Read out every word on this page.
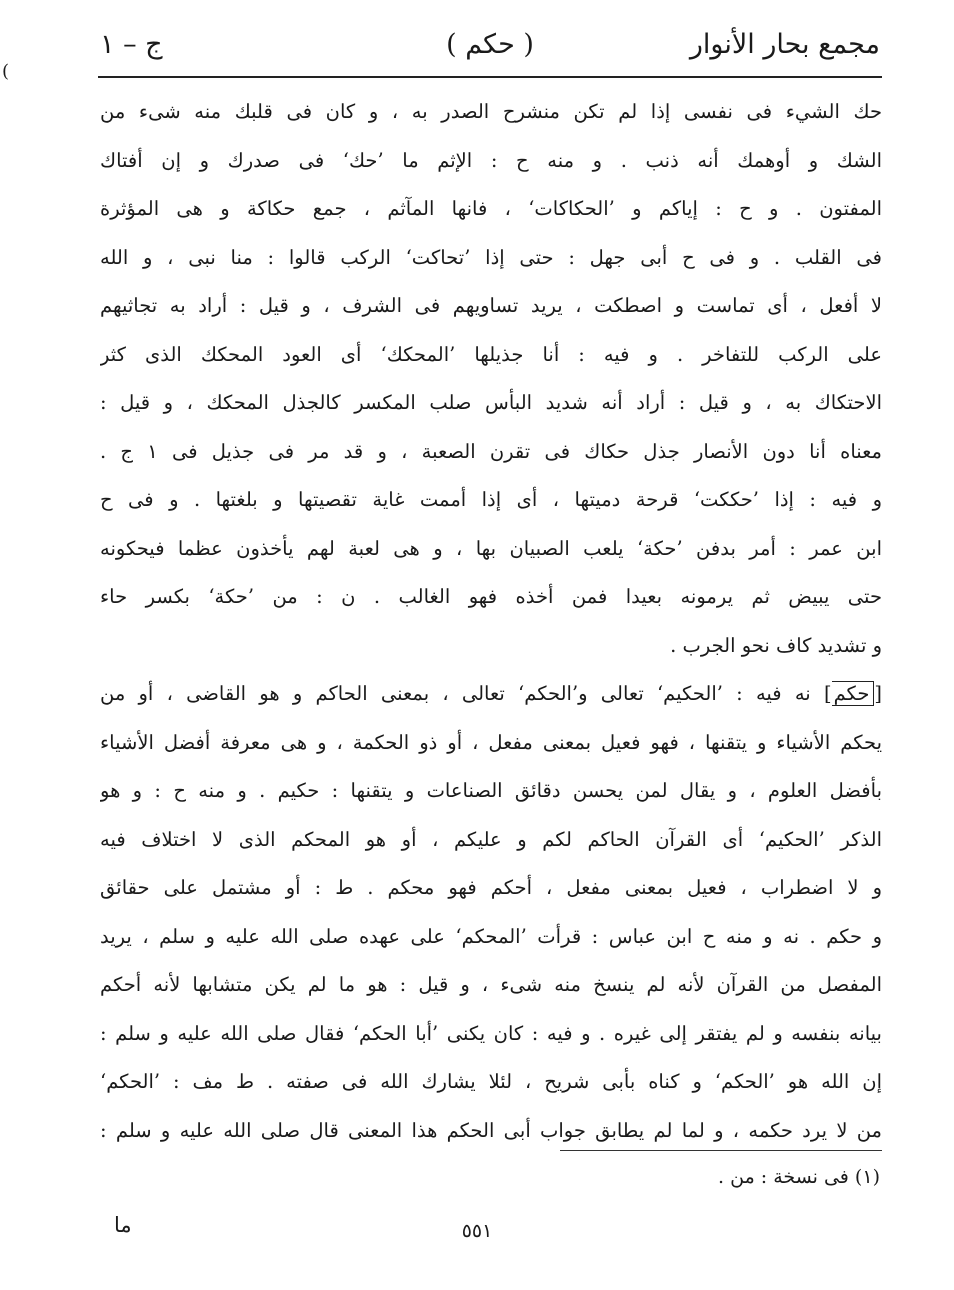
(
مجمع بحار الأنوار
( حكم )
ج – ١
حك الشيء فى نفسى إذا لم تكن منشرح الصدر به ، و كان فى قلبك منه شىء من
الشك و أوهمك أنه ذنب . و منه ح : الإثم ما ’حك‘ فى صدرك و إن أفتاك
المفتون . و ح : إياكم و ’الحكاكات‘ ، فانها المآثم ، جمع حكاكة و هى المؤثرة
فى القلب . و فى ح أبى جهل : حتى إذا ’تحاكت‘ الركب قالوا : منا نبى ، و الله
لا أفعل ، أى تماست و اصطكت ، يريد تساويهم فى الشرف ، و قيل : أراد به تجاثيهم
على الركب للتفاخر . و فيه : أنا جذيلها ’المحكك‘ أى العود المحكك الذى كثر
الاحتكاك به ، و قيل : أراد أنه شديد البأس صلب المكسر كالجذل المحكك ، و قيل :
معناه أنا دون الأنصار جذل حكاك فى تقرن الصعبة ، و قد مر فى جذيل فى ١ ج .
و فيه : إذا ’حككت‘ قرحة دميتها ، أى إذا أممت غاية تقصيتها و بلغتها . و فى ح
ابن عمر : أمر بدفن ’حكة‘ يلعب الصبيان بها ، و هى لعبة لهم يأخذون عظما فيحكونه
حتى يبيض ثم يرمونه بعيدا فمن أخذه فهو الغالب . ن : من ’حكة‘ بكسر حاء
و تشديد كاف نحو الجرب .
[حكم] نه فيه : ’الحكيم‘ تعالى و’الحكم‘ تعالى ، بمعنى الحاكم و هو القاضى ، أو من
يحكم الأشياء و يتقنها ، فهو فعيل بمعنى مفعل ، أو ذو الحكمة ، و هى معرفة أفضل الأشياء
بأفضل العلوم ، و يقال لمن يحسن دقائق الصناعات و يتقنها : حكيم . و منه ح : و هو
الذكر ’الحكيم‘ أى القرآن الحاكم لكم و عليكم ، أو هو المحكم الذى لا اختلاف فيه
و لا اضطراب ، فعيل بمعنى مفعل ، أحكم فهو محكم . ط : أو مشتمل على حقائق
و حكم . نه و منه ح ابن عباس : قرأت ’المحكم‘ على عهده صلى الله عليه و سلم ، يريد
المفصل من القرآن لأنه لم ينسخ منه شىء ، و قيل : هو ما لم يكن متشابها لأنه أحكم
بيانه بنفسه و لم يفتقر إلى غيره . و فيه : كان يكنى ’أبا الحكم‘ فقال صلى الله عليه و سلم :
إن الله هو ’الحكم‘ و كناه بأبى شريح ، لئلا يشارك الله فى صفته . ط مف : ’الحكم‘
من لا يرد حكمه ، و لما لم يطابق جواب أبى الحكم هذا المعنى قال صلى الله عليه و سلم :
(١) فى نسخة : من .
٥٥١
ما
